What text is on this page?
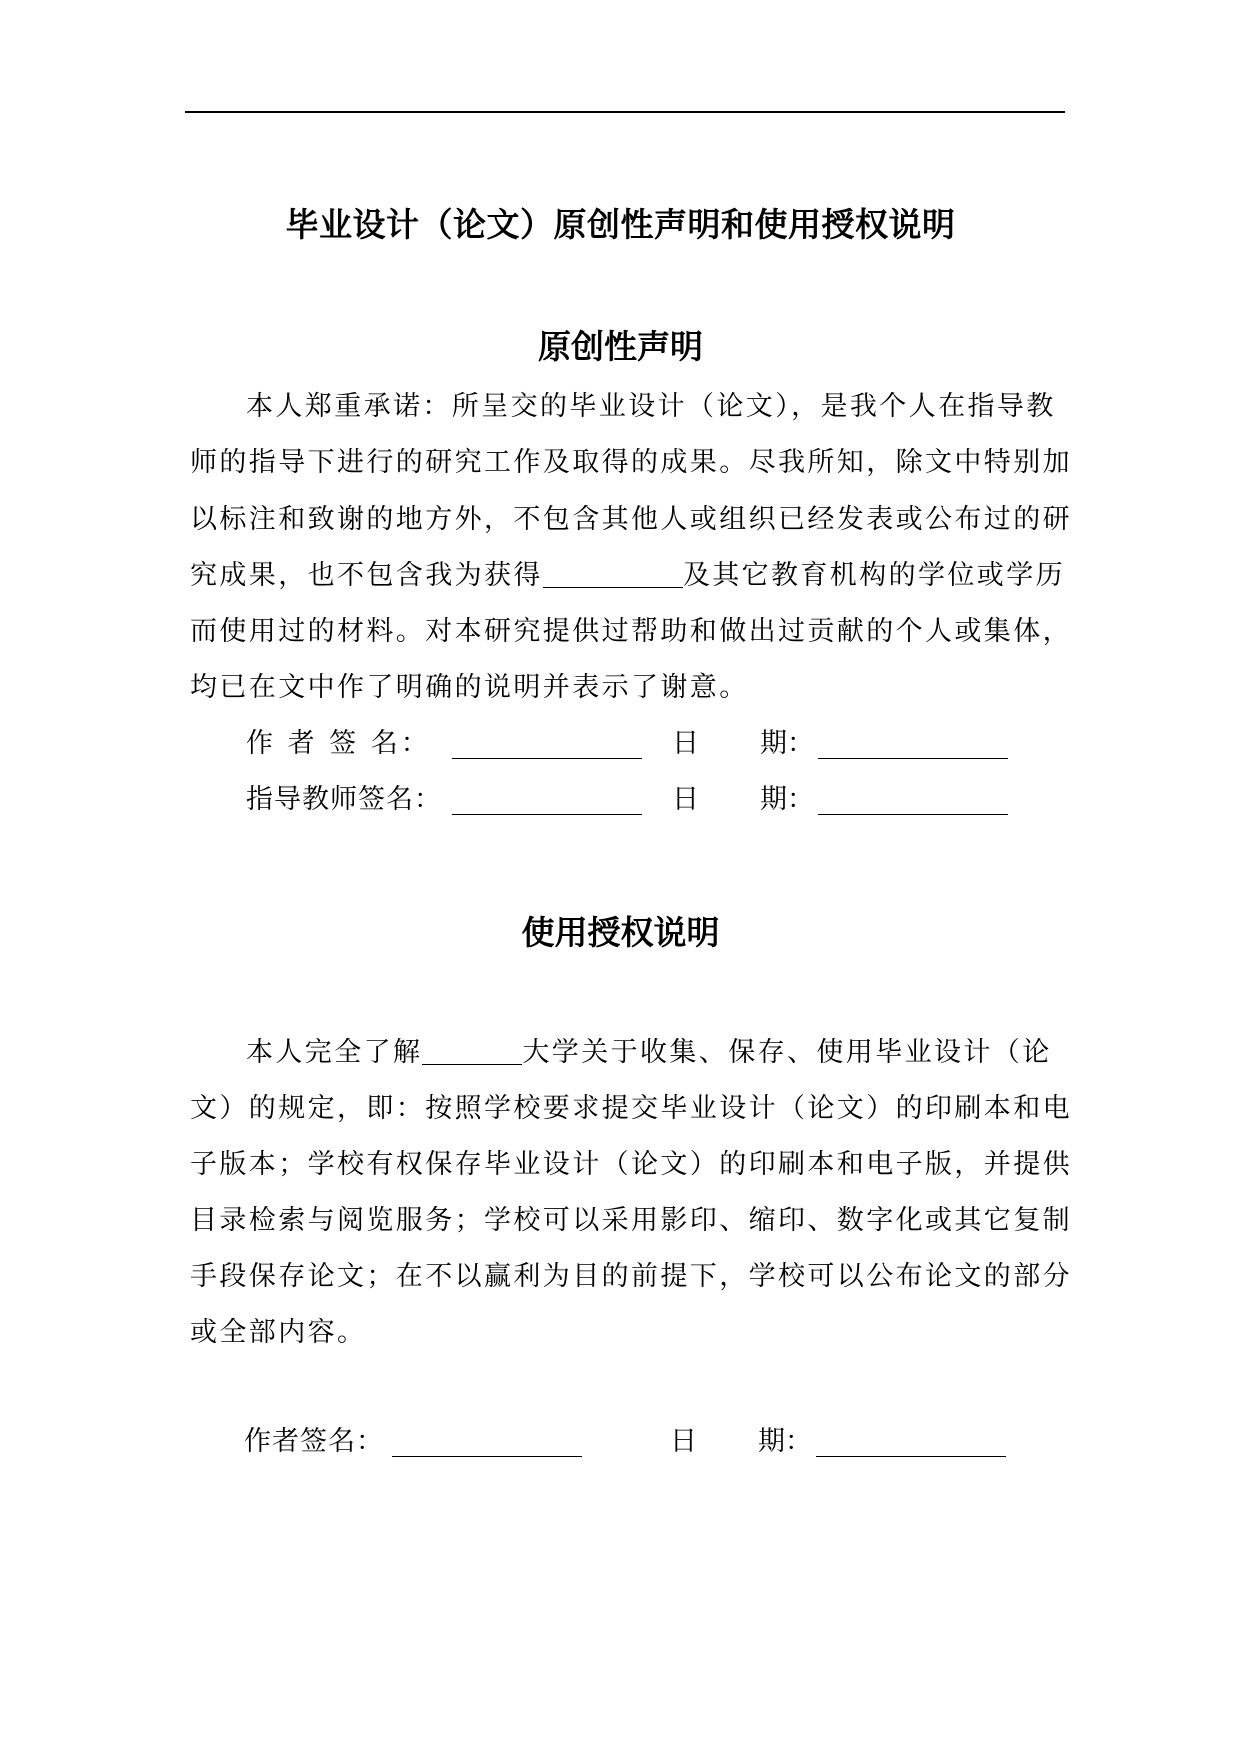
毕业设计（论文）原创性声明和使用授权说明
原创性声明
本人郑重承诺：所呈交的毕业设计（论文），是我个人在指导教
师的指导下进行的研究工作及取得的成果。尽我所知，除文中特别加
以标注和致谢的地方外，不包含其他人或组织已经发表或公布过的研
究成果，也不包含我为获得	及其它教育机构的学位或学历
而使用过的材料。对本研究提供过帮助和做出过贡献的个人或集体，
均已在文中作了明确的说明并表示了谢意。
作 者 签 名：	日 期：
指导教师签名：	日 期：
使用授权说明
本人完全了解	大学关于收集、保存、使用毕业设计（论
文）的规定，即：按照学校要求提交毕业设计（论文）的印刷本和电
子版本；学校有权保存毕业设计（论文）的印刷本和电子版，并提供
目录检索与阅览服务；学校可以采用影印、缩印、数字化或其它复制
手段保存论文；在不以赢利为目的前提下，学校可以公布论文的部分
或全部内容。
作者签名：	日 期：
